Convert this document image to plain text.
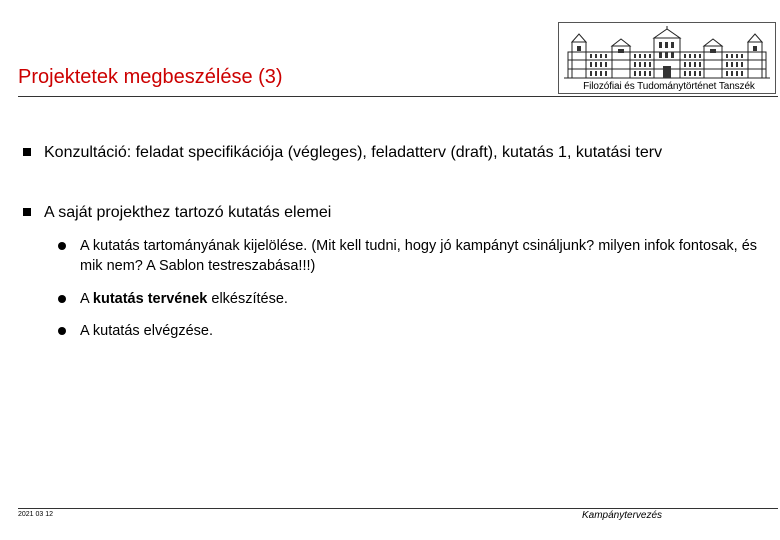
Projektetek megbeszélése (3)	Filozófiai és Tudománytörténet Tanszék
Konzultáció: feladat specifikációja (végleges), feladatterv (draft), kutatás 1, kutatási terv
A saját projekthez tartozó kutatás elemei
A kutatás tartományának kijelölése. (Mit kell tudni, hogy jó kampányt csináljunk? milyen infok fontosak, és mik nem? A Sablon testreszabása!!!)
A kutatás tervének elkészítése.
A kutatás elvégzése.
2021 03 12	Kampánytervezés
